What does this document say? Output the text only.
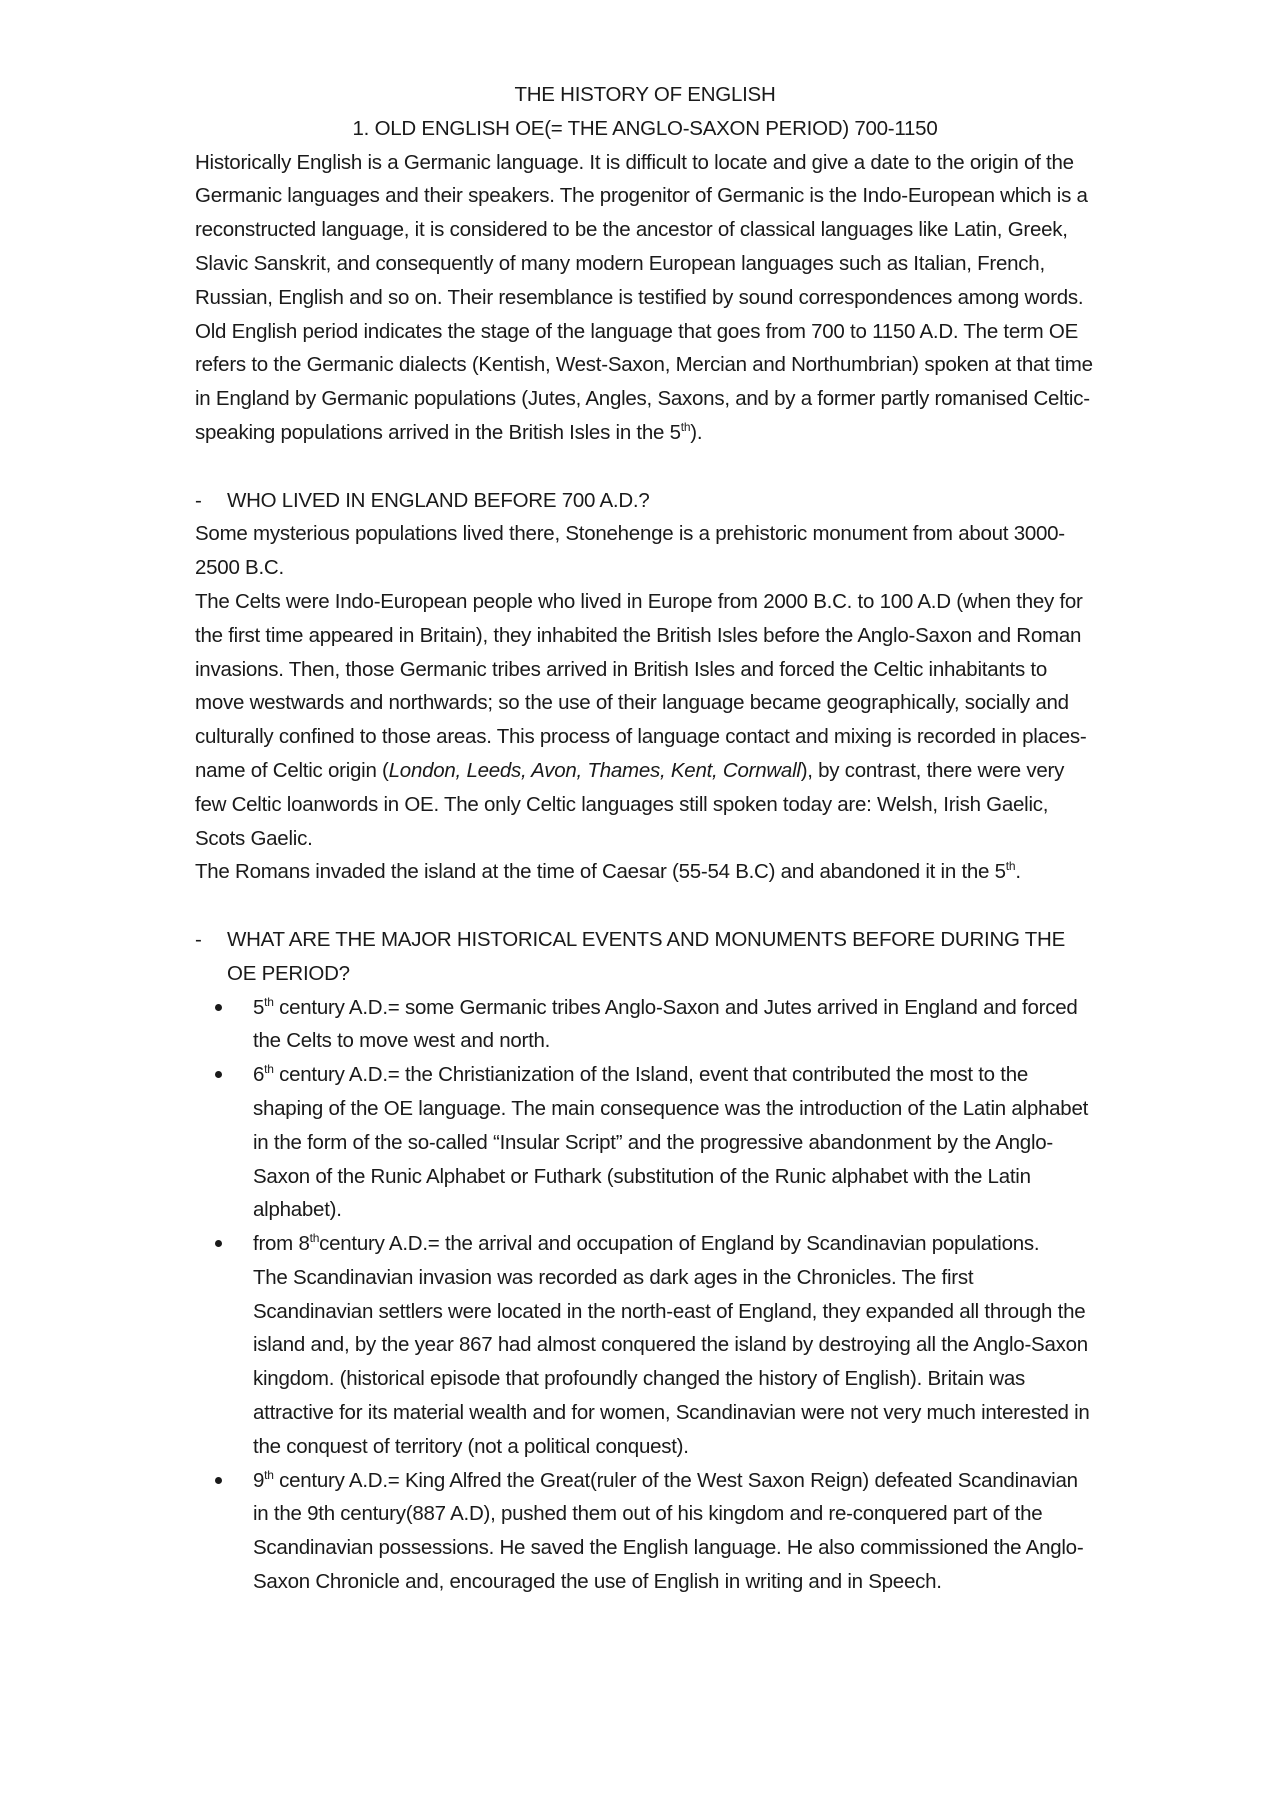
THE HISTORY OF ENGLISH
1. OLD ENGLISH OE(= THE ANGLO-SAXON PERIOD) 700-1150

Historically English is a Germanic language. It is difficult to locate and give a date to the origin of the Germanic languages and their speakers. The progenitor of Germanic is the Indo-European which is a reconstructed language, it is considered to be the ancestor of classical languages like Latin, Greek, Slavic Sanskrit, and consequently of many modern European languages such as Italian, French, Russian, English and so on. Their resemblance is testified by sound correspondences among words.

Old English period indicates the stage of the language that goes from 700 to 1150 A.D. The term OE refers to the Germanic dialects (Kentish, West-Saxon, Mercian and Northumbrian) spoken at that time in England by Germanic populations (Jutes, Angles, Saxons, and by a former partly romanised Celtic-speaking populations arrived in the British Isles in the 5th).

-	WHO LIVED IN ENGLAND BEFORE 700 A.D.?

Some mysterious populations lived there, Stonehenge is a prehistoric monument from about 3000-2500 B.C.

The Celts were Indo-European people who lived in Europe from 2000 B.C. to 100 A.D (when they for the first time appeared in Britain), they inhabited the British Isles before the Anglo-Saxon and Roman invasions. Then, those Germanic tribes arrived in British Isles and forced the Celtic inhabitants to move westwards and northwards; so the use of their language became geographically, socially and culturally confined to those areas. This process of language contact and mixing is recorded in places-name of Celtic origin (London, Leeds, Avon, Thames, Kent, Cornwall), by contrast, there were very few Celtic loanwords in OE. The only Celtic languages still spoken today are: Welsh, Irish Gaelic, Scots Gaelic.

The Romans invaded the island at the time of Caesar (55-54 B.C) and abandoned it in the 5th.

-	WHAT ARE THE MAJOR HISTORICAL EVENTS AND MONUMENTS BEFORE DURING THE OE PERIOD?
5th century A.D.= some Germanic tribes Anglo-Saxon and Jutes arrived in England and forced the Celts to move west and north.
6th century A.D.= the Christianization of the Island, event that contributed the most to the shaping of the OE language. The main consequence was the introduction of the Latin alphabet in the form of the so-called “Insular Script” and the progressive abandonment by the Anglo-Saxon of the Runic Alphabet or Futhark (substitution of the Runic alphabet with the Latin alphabet).
from 8thcentury A.D.= the arrival and occupation of England by Scandinavian populations.
The Scandinavian invasion was recorded as dark ages in the Chronicles. The first Scandinavian settlers were located in the north-east of England, they expanded all through the island and, by the year 867 had almost conquered the island by destroying all the Anglo-Saxon kingdom. (historical episode that profoundly changed the history of English). Britain was attractive for its material wealth and for women, Scandinavian were not very much interested in the conquest of territory (not a political conquest).
9th century A.D.= King Alfred the Great(ruler of the West Saxon Reign) defeated Scandinavian in the 9th century(887 A.D), pushed them out of his kingdom and re-conquered part of the Scandinavian possessions. He saved the English language. He also commissioned the Anglo-Saxon Chronicle and, encouraged the use of English in writing and in Speech.
